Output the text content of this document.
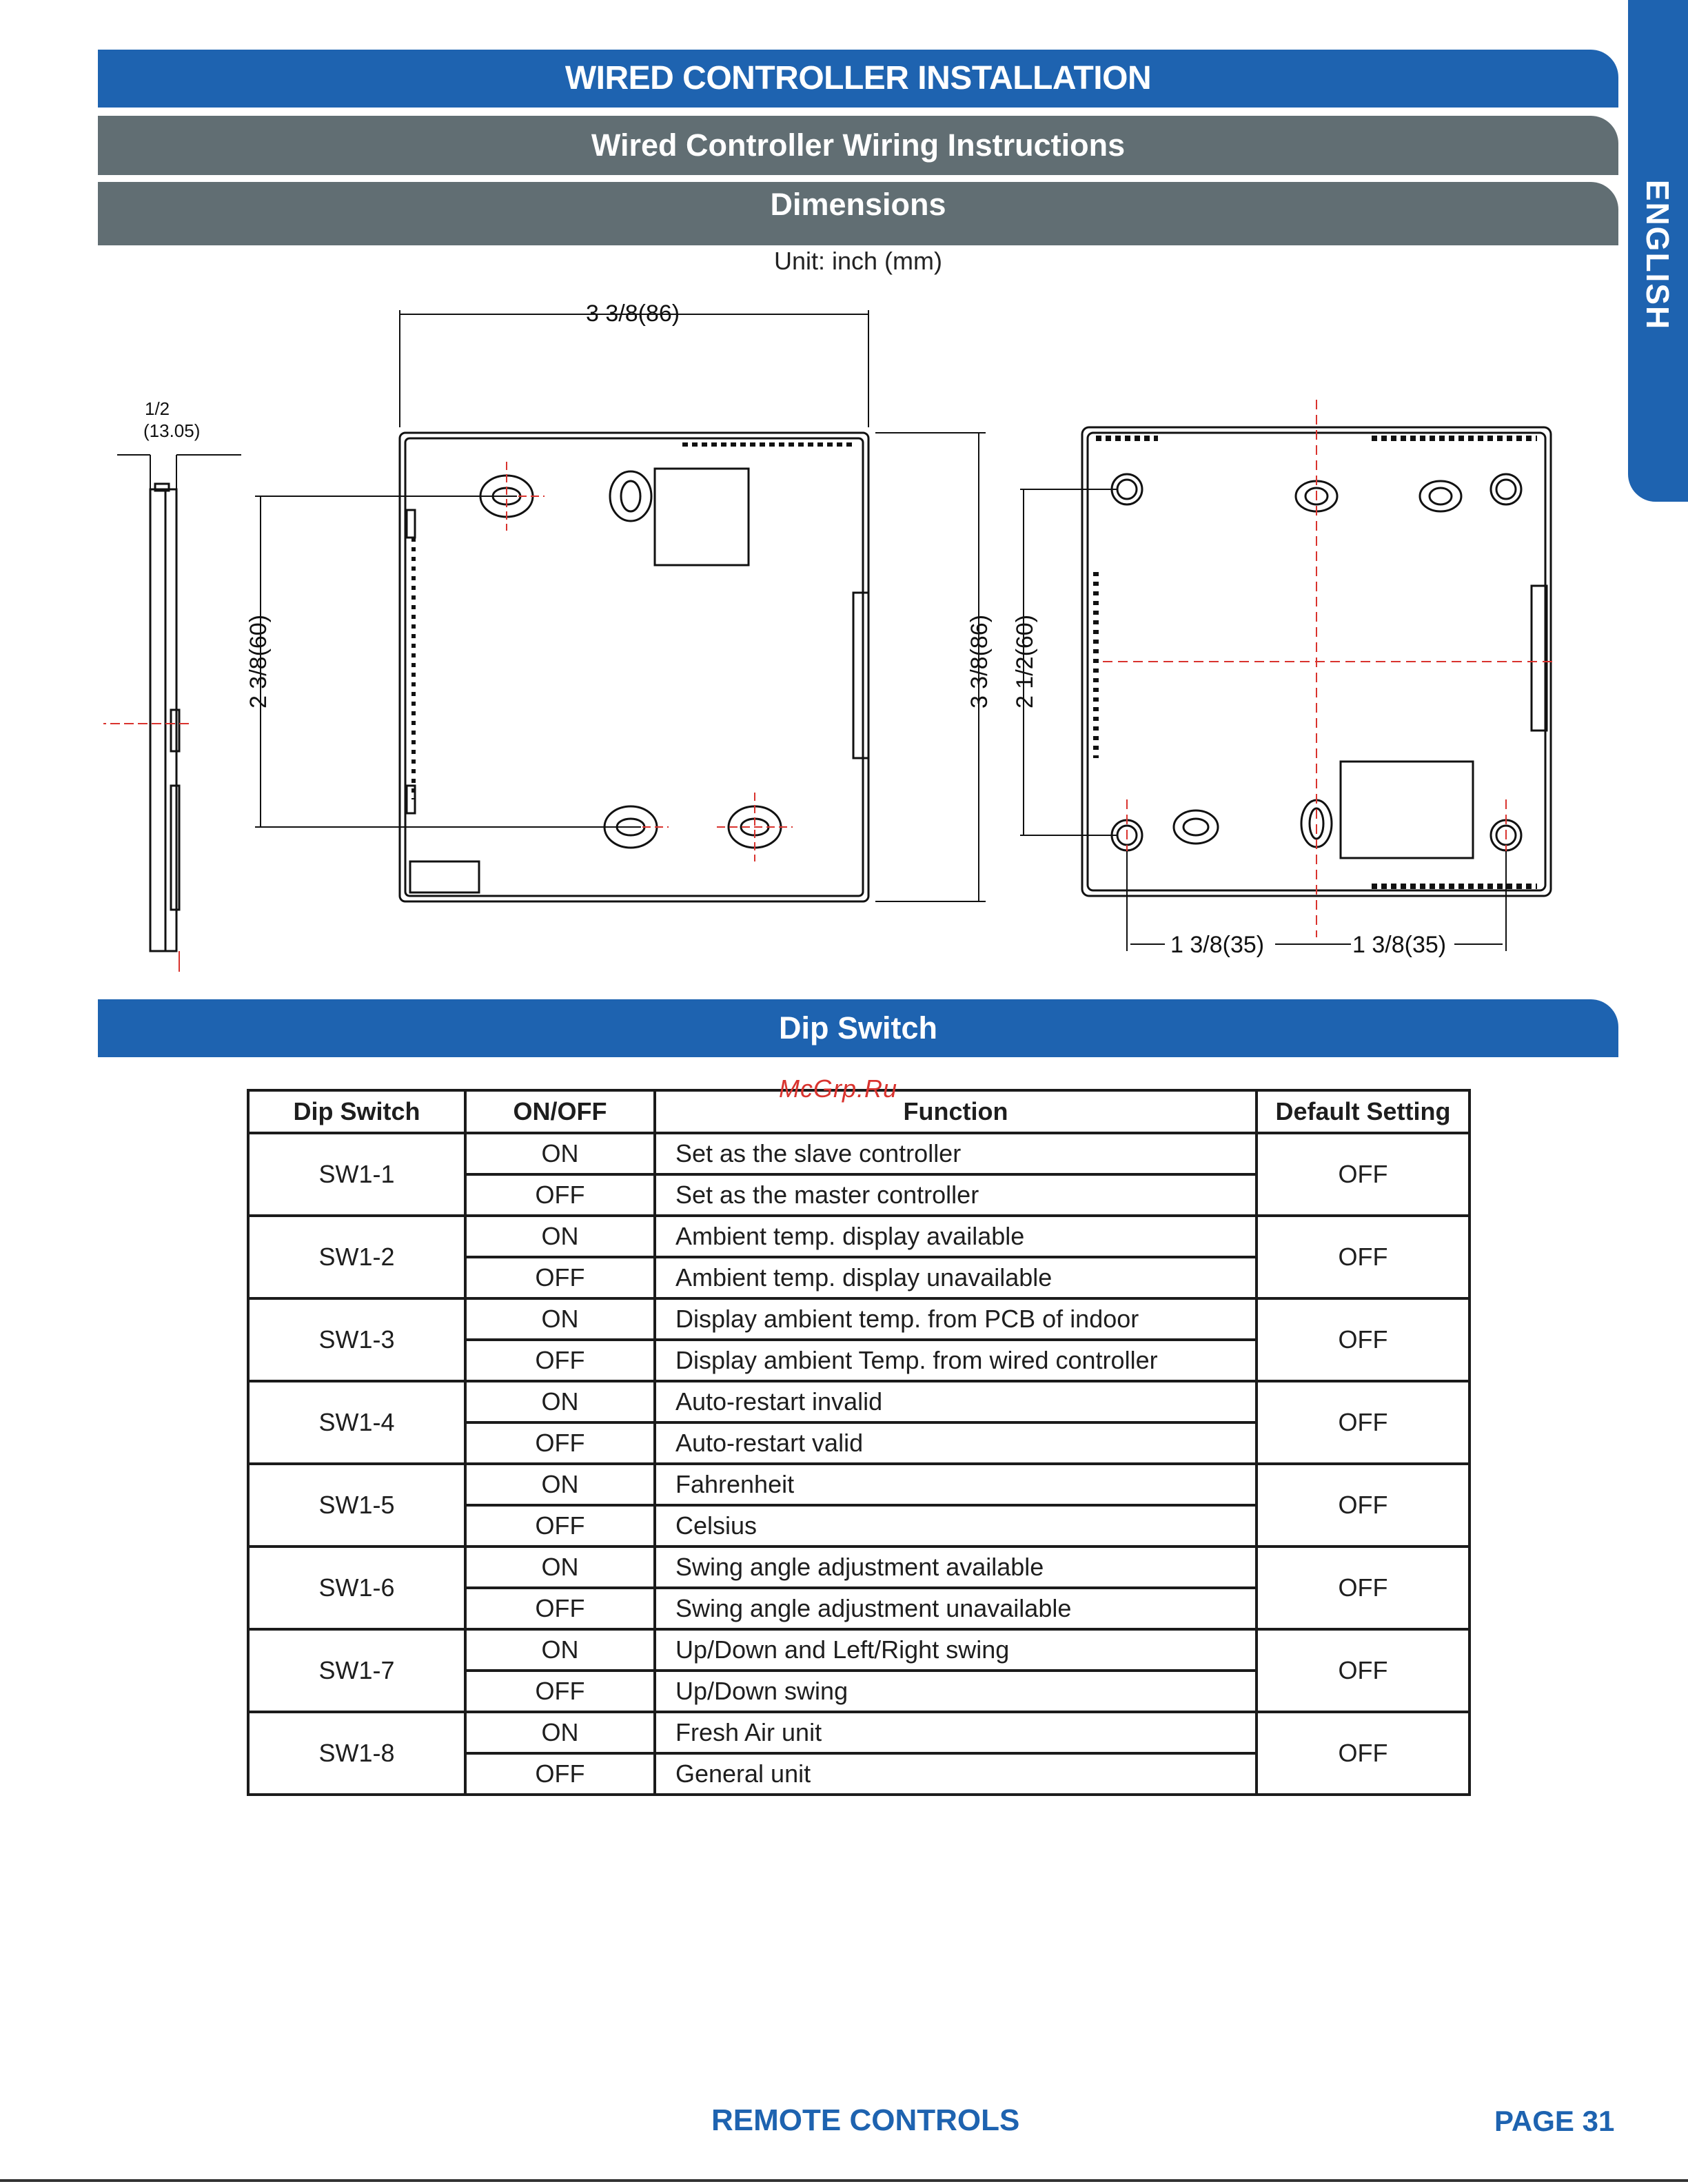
WIRED CONTROLLER INSTALLATION
Wired Controller Wiring Instructions
Dimensions	ENGLISH
Unit: inch (mm)
1/2
(13.05)
3 3/8(86)
2 3/8(60)	3 3/8(86) 2 1/2(60)
1 3/8(35)	1 3/8(35)
Dip Switch
Dip Switch	ON/OFF	Function	Default Setting
SW1-1	ON	Set as the slave controller	OFF
	OFF	Set as the master controller	
SW1-2	ON	Ambient temp. display available	OFF
	OFF	Ambient temp. display unavailable	
SW1-3	ON	Display ambient temp. from PCB of indoor	OFF
	OFF	Display ambient Temp. from wired controller	
SW1-4	ON	Auto-restart invalid	OFF
	OFF	Auto-restart valid	
SW1-5	ON	Fahrenheit	OFF
	OFF	Celsius	
SW1-6	ON	Swing angle adjustment available	OFF
	OFF	Swing angle adjustment unavailable	
SW1-7	ON	Up/Down and Left/Right swing	OFF
	OFF	Up/Down swing	
SW1-8	ON	Fresh Air unit	OFF
	OFF	General unit	
McGrp.Ru
REMOTE CONTROLS	PAGE 31
